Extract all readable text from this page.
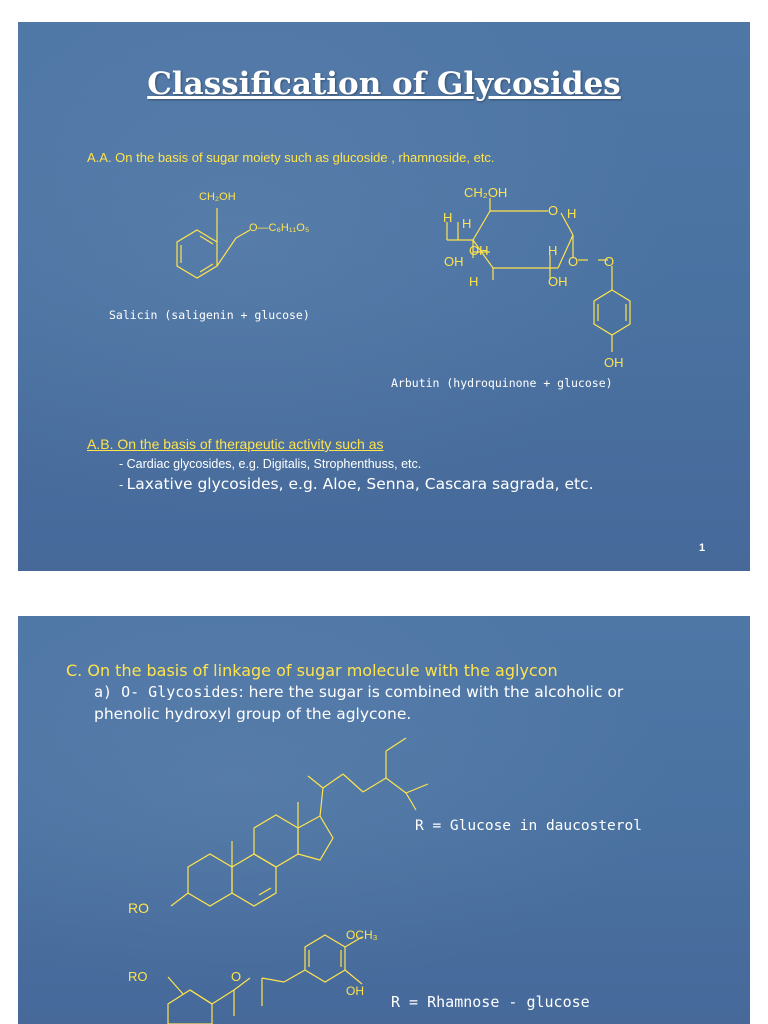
Classification of Glycosides
A.A. On the basis of sugar moiety such as glucoside , rhamnoside, etc.
CH₂OH
O—C₆H₁₁O₅
Salicin (saligenin + glucose)
CH₂OH
O H
H H
OH	H
OH	O O
H	OH
OH
Arbutin (hydroquinone + glucose)
A.B. On the basis of therapeutic activity such as
- Cardiac glycosides, e.g. Digitalis, Strophenthuss, etc.
- Laxative glycosides, e.g. Aloe, Senna, Cascara sagrada, etc.
1
C. On the basis of linkage of sugar molecule with the aglycon
a) O- Glycosides: here the sugar is combined with the alcoholic or
phenolic hydroxyl group of the aglycone.
R = Glucose in daucosterol
RO
OCH₃
RO	O
OH
R = Rhamnose - glucose
